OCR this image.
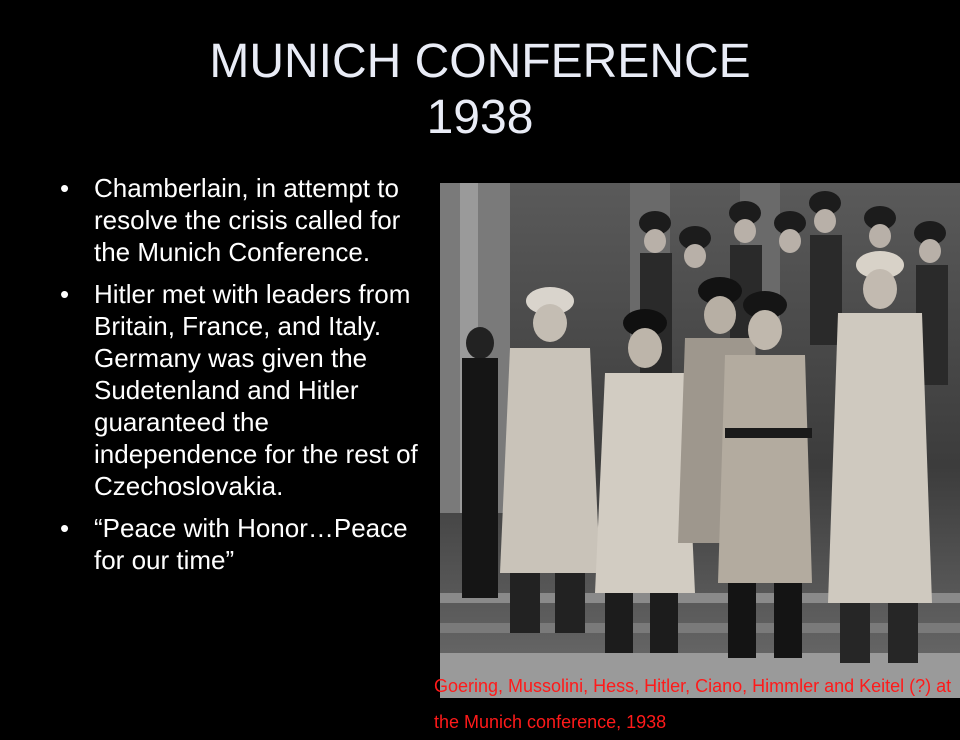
MUNICH CONFERENCE
1938
• Chamberlain, in attempt to resolve the crisis called for the Munich Conference.
• Hitler met with leaders from Britain, France, and Italy. Germany was given the Sudetenland and Hitler guaranteed the independence for the rest of Czechoslovakia.
• “Peace with Honor…Peace for our time”
Goering, Mussolini, Hess, Hitler, Ciano, Himmler and Keitel (?) at the Munich conference, 1938
